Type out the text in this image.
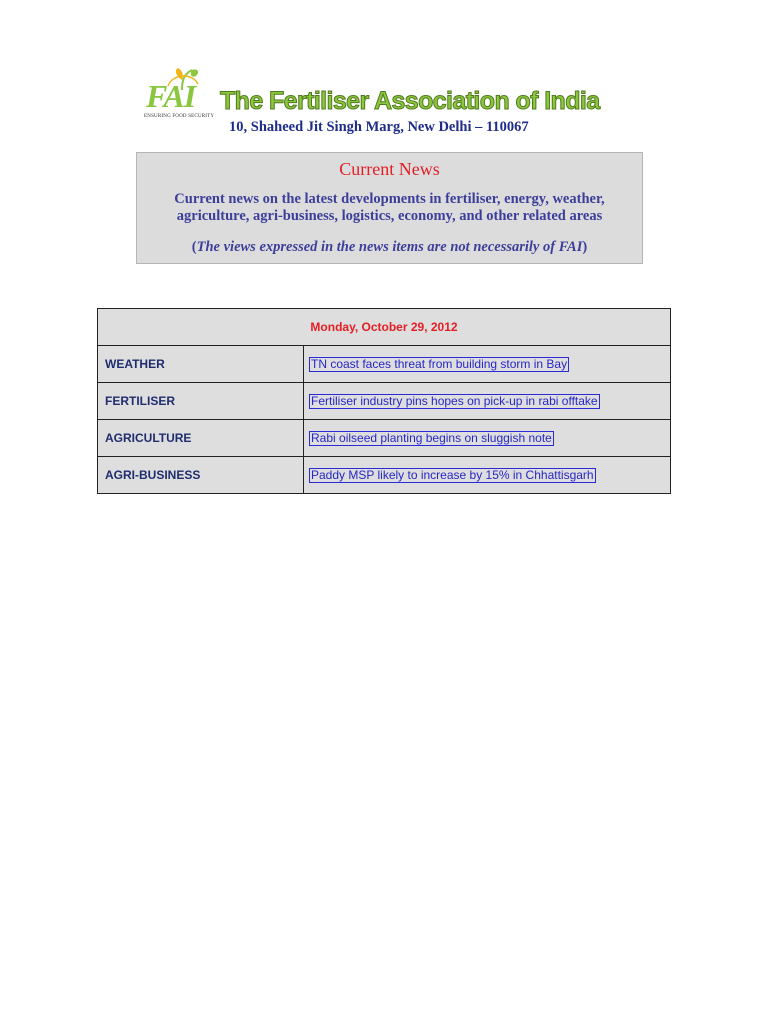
FAI
ENSURING FOOD SECURITY
The Fertiliser Association of India
10, Shaheed Jit Singh Marg, New Delhi – 110067
Current News
Current news on the latest developments in fertiliser, energy, weather, agriculture, agri-business, logistics, economy, and other related areas
(The views expressed in the news items are not necessarily of FAI)
Monday, October 29, 2012	
WEATHER	TN coast faces threat from building storm in Bay
FERTILISER	Fertiliser industry pins hopes on pick-up in rabi offtake
AGRICULTURE	Rabi oilseed planting begins on sluggish note
AGRI-BUSINESS	Paddy MSP likely to increase by 15% in Chhattisgarh
